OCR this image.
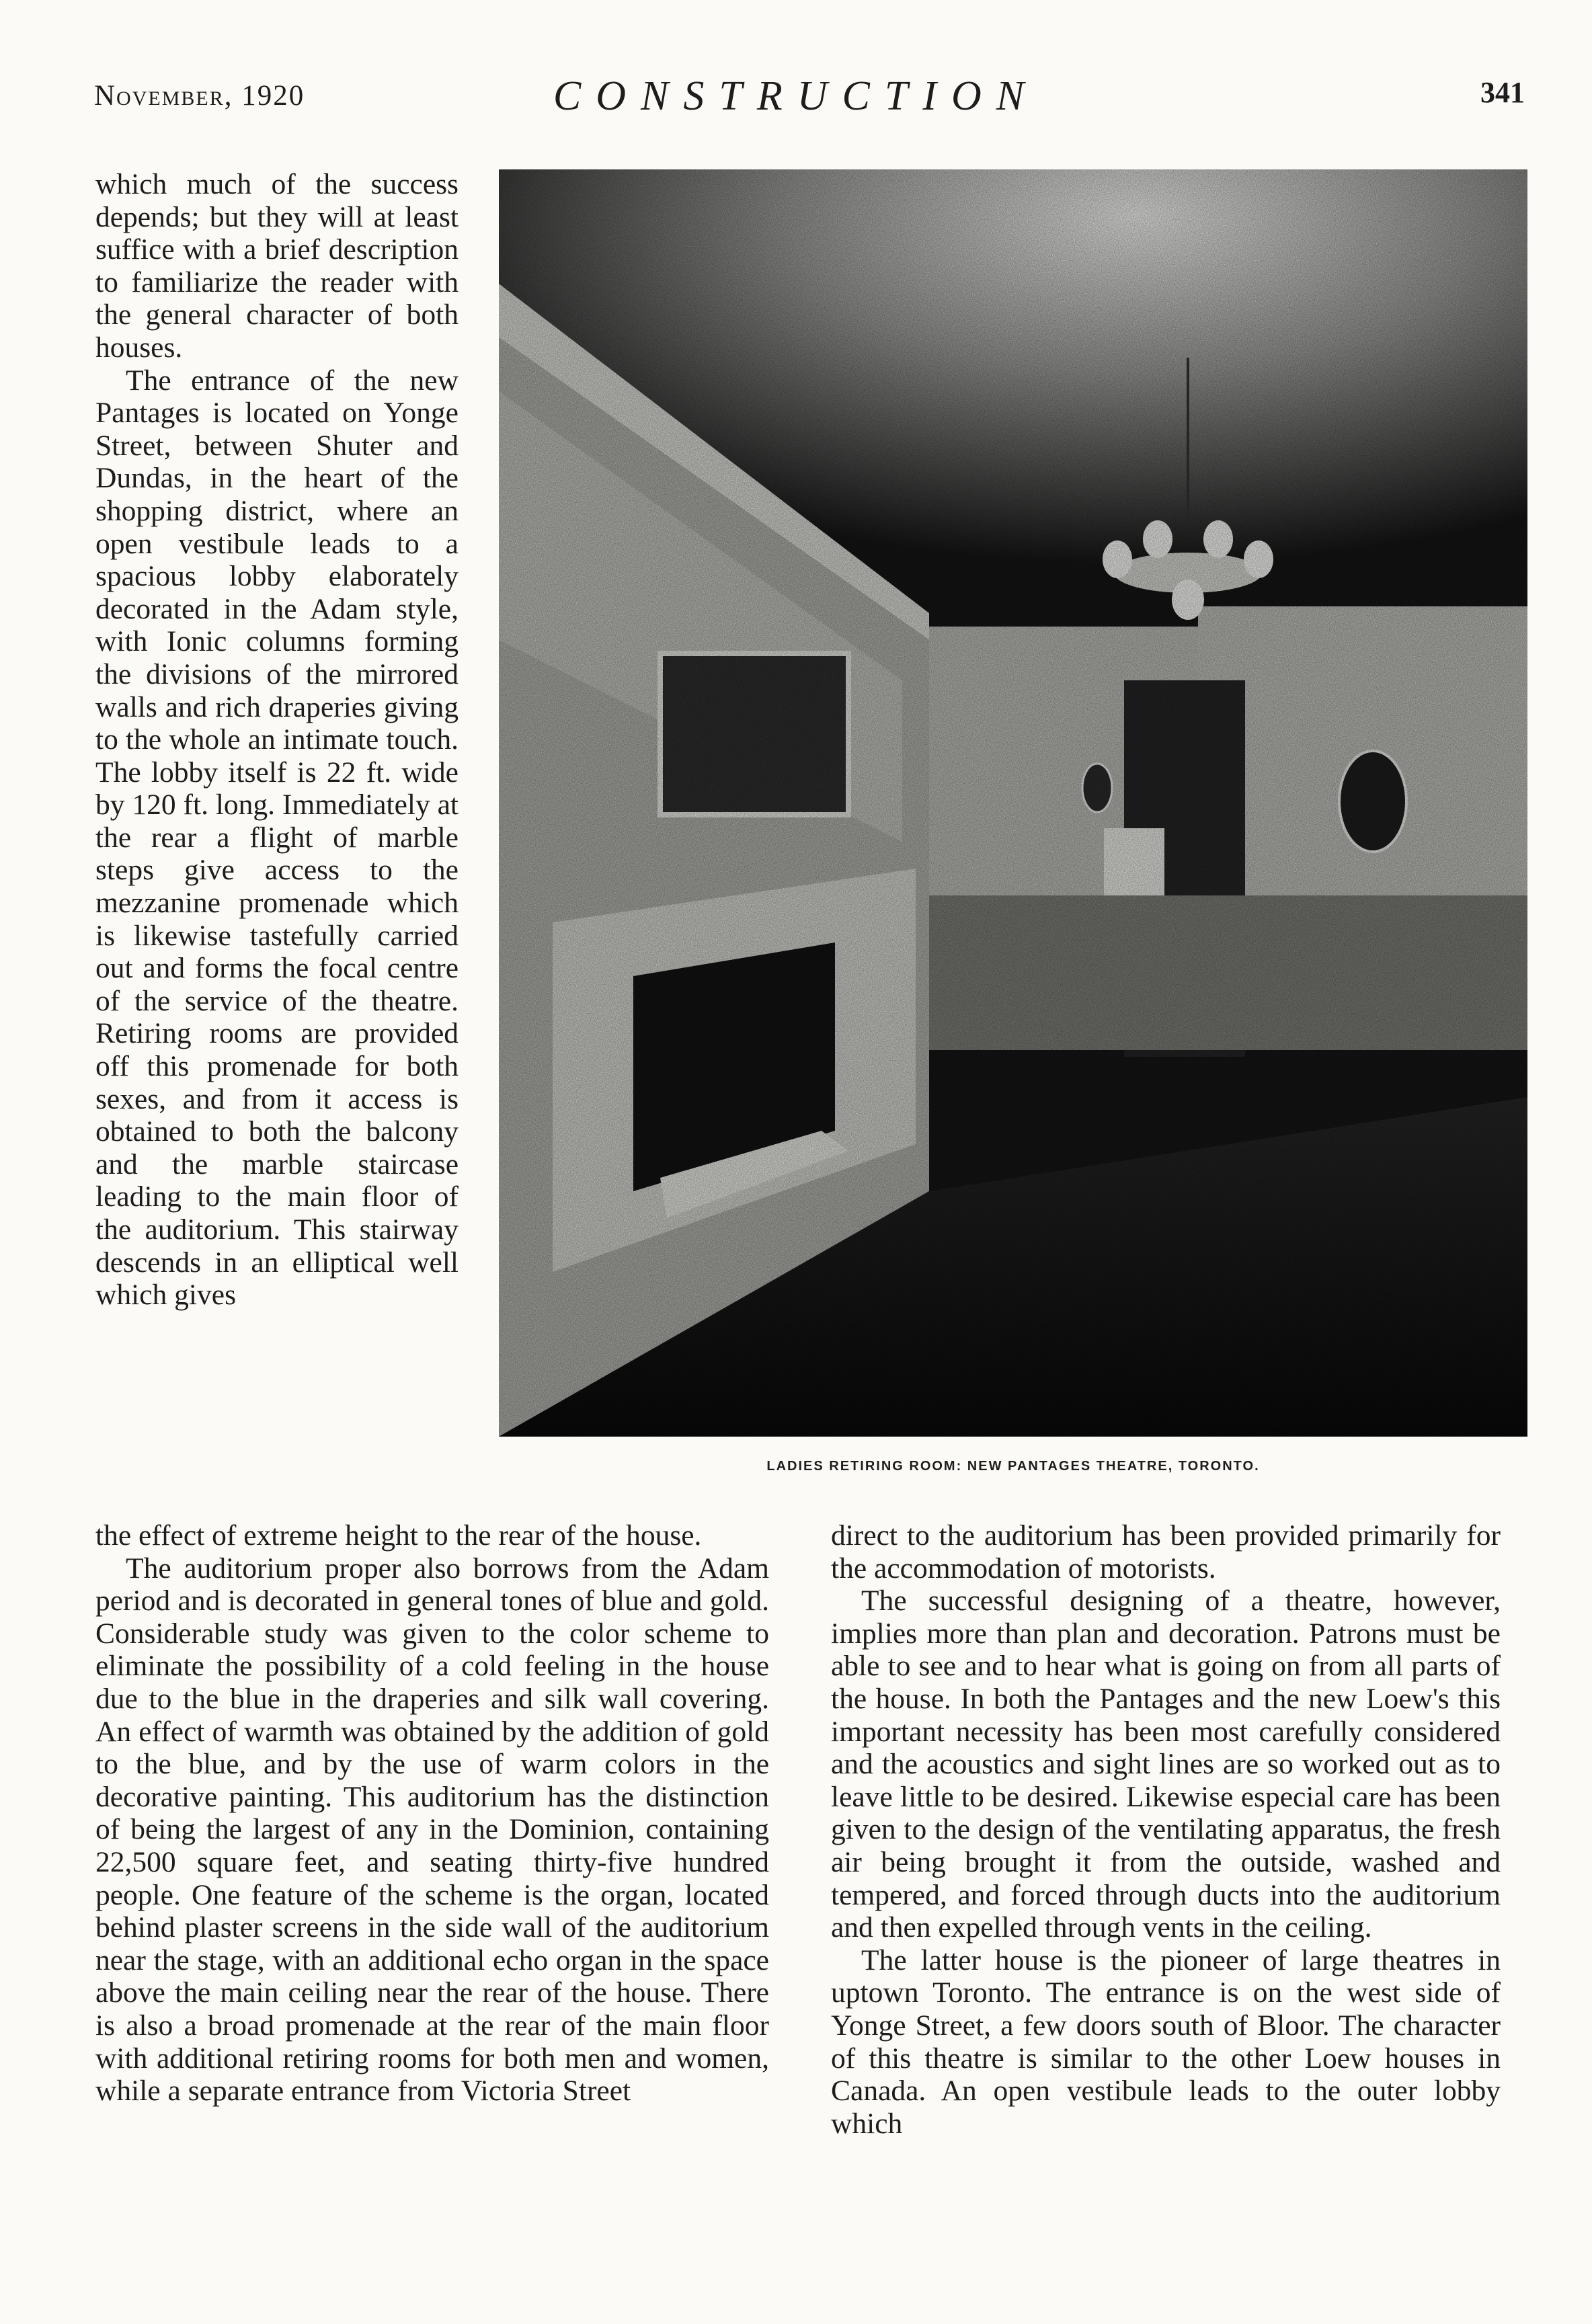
November, 1920	CONSTRUCTION	341

which much of the success depends; but they will at least suffice with a brief description to familiarize the reader with the general character of both houses.

The entrance of the new Pantages is located on Yonge Street, between Shuter and Dundas, in the heart of the shopping district, where an open vestibule leads to a spacious lobby elaborately decorated in the Adam style, with Ionic columns forming the divisions of the mirrored walls and rich draperies giving to the whole an intimate touch. The lobby itself is 22 ft. wide by 120 ft. long. Immediately at the rear a flight of marble steps give access to the mezzanine promenade which is likewise tastefully carried out and forms the focal centre of the service of the theatre. Retiring rooms are provided off this promenade for both sexes, and from it access is obtained to both the balcony and the marble staircase leading to the main floor of the auditorium. This stairway descends in an elliptical well which gives

LADIES RETIRING ROOM: NEW PANTAGES THEATRE, TORONTO.

the effect of extreme height to the rear of the house.

The auditorium proper also borrows from the Adam period and is decorated in general tones of blue and gold. Considerable study was given to the color scheme to eliminate the possibility of a cold feeling in the house due to the blue in the draperies and silk wall covering. An effect of warmth was obtained by the addition of gold to the blue, and by the use of warm colors in the decorative painting. This auditorium has the distinction of being the largest of any in the Dominion, containing 22,500 square feet, and seating thirty-five hundred people. One feature of the scheme is the organ, located behind plaster screens in the side wall of the auditorium near the stage, with an additional echo organ in the space above the main ceiling near the rear of the house. There is also a broad promenade at the rear of the main floor with additional retiring rooms for both men and women, while a separate entrance from Victoria Street

direct to the auditorium has been provided primarily for the accommodation of motorists.

The successful designing of a theatre, however, implies more than plan and decoration. Patrons must be able to see and to hear what is going on from all parts of the house. In both the Pantages and the new Loew's this important necessity has been most carefully considered and the acoustics and sight lines are so worked out as to leave little to be desired. Likewise especial care has been given to the design of the ventilating apparatus, the fresh air being brought it from the outside, washed and tempered, and forced through ducts into the auditorium and then expelled through vents in the ceiling.

The latter house is the pioneer of large theatres in uptown Toronto. The entrance is on the west side of Yonge Street, a few doors south of Bloor. The character of this theatre is similar to the other Loew houses in Canada. An open vestibule leads to the outer lobby which
